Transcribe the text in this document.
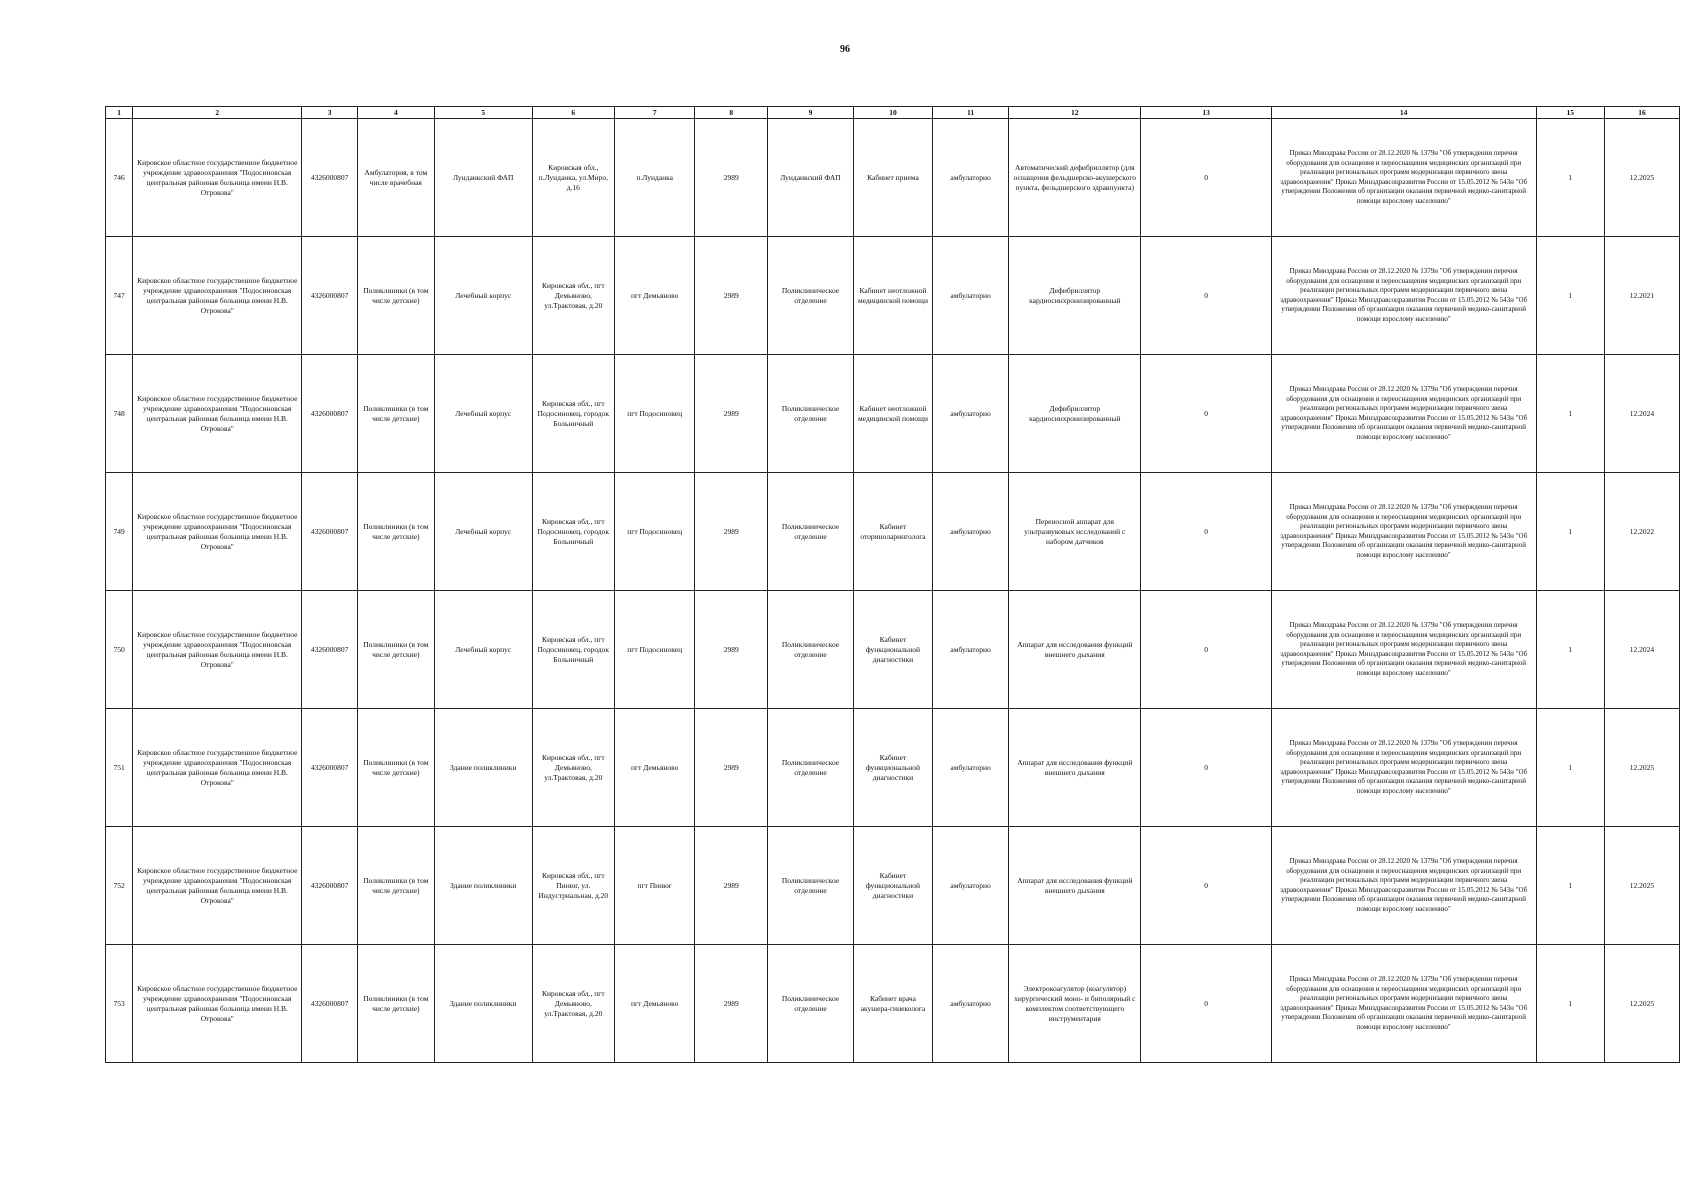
96
1	2	3	4	5	6	7	8	9	10	11	12	13	14	15	16
746	Кировское областное государственное бюджетное учреждение здравоохранения "Подосиновская центральная районная больница имени Н.В. Отрокова"	4326000807	Амбулатория, в том числе врачебная	Лунданкский ФАП	Кировская обл., п.Лунданка, ул.Миро, д.16	п.Лунданка	2989	Лунданкский ФАП	Кабинет приема	амбулаторно	Автоматический дефибриллятор (для оснащения фельдшерско-акушерского пункта, фельдшерского здравпункта)	0	Приказ Минздрава России от 28.12.2020 № 1379н "Об утверждении перечня оборудования для оснащения и переоснащения медицинских организаций при реализации региональных программ модернизации первичного звена здравоохранения" Приказ Минздравсоцразвития России от 15.05.2012 № 543н "Об утверждении Положения об организации оказания первичной медико-санитарной помощи взрослому населению"	1	12.2025
747	Кировское областное государственное бюджетное учреждение здравоохранения "Подосиновская центральная районная больница имени Н.В. Отрокова"	4326000807	Поликлиники (в том числе детские)	Лечебный корпус	Кировская обл., пгт Демьяново, ул.Трактовая, д.20	пгт Демьяново	2989	Поликлиническое отделение	Кабинет неотложной медицинской помощи	амбулаторно	Дефибриллятор кардиосинхронизированный	0	Приказ Минздрава России от 28.12.2020 № 1379н "Об утверждении перечня оборудования для оснащения и переоснащения медицинских организаций при реализации региональных программ модернизации первичного звена здравоохранения" Приказ Минздравсоцразвития России от 15.05.2012 № 543н "Об утверждении Положения об организации оказания первичной медико-санитарной помощи взрослому населению"	1	12.2021
748	Кировское областное государственное бюджетное учреждение здравоохранения "Подосиновская центральная районная больница имени Н.В. Отрокова"	4326000807	Поликлиники (в том числе детские)	Лечебный корпус	Кировская обл., пгт Подосиновец, городок Больничный	пгт Подосиновец	2989	Поликлиническое отделение	Кабинет неотложной медицинской помощи	амбулаторно	Дефибриллятор кардиосинхронизированный	0	Приказ Минздрава России от 28.12.2020 № 1379н "Об утверждении перечня оборудования для оснащения и переоснащения медицинских организаций при реализации региональных программ модернизации первичного звена здравоохранения" Приказ Минздравсоцразвития России от 15.05.2012 № 543н "Об утверждении Положения об организации оказания первичной медико-санитарной помощи взрослому населению"	1	12.2024
749	Кировское областное государственное бюджетное учреждение здравоохранения "Подосиновская центральная районная больница имени Н.В. Отрокова"	4326000807	Поликлиники (в том числе детские)	Лечебный корпус	Кировская обл., пгт Подосиновец, городок Больничный	пгт Подосиновец	2989	Поликлиническое отделение	Кабинет оториноларинголога	амбулаторно	Переносной аппарат для ультразвуковых исследований с набором датчиков	0	Приказ Минздрава России от 28.12.2020 № 1379н "Об утверждении перечня оборудования для оснащения и переоснащения медицинских организаций при реализации региональных программ модернизации первичного звена здравоохранения" Приказ Минздравсоцразвития России от 15.05.2012 № 543н "Об утверждении Положения об организации оказания первичной медико-санитарной помощи взрослому населению"	1	12.2022
750	Кировское областное государственное бюджетное учреждение здравоохранения "Подосиновская центральная районная больница имени Н.В. Отрокова"	4326000807	Поликлиники (в том числе детские)	Лечебный корпус	Кировская обл., пгт Подосиновец, городок Больничный	пгт Подосиновец	2989	Поликлиническое отделение	Кабинет функциональной диагностики	амбулаторно	Аппарат для исследования функций внешнего дыхания	0	Приказ Минздрава России от 28.12.2020 № 1379н "Об утверждении перечня оборудования для оснащения и переоснащения медицинских организаций при реализации региональных программ модернизации первичного звена здравоохранения" Приказ Минздравсоцразвития России от 15.05.2012 № 543н "Об утверждении Положения об организации оказания первичной медико-санитарной помощи взрослому населению"	1	12.2024
751	Кировское областное государственное бюджетное учреждение здравоохранения "Подосиновская центральная районная больница имени Н.В. Отрокова"	4326000807	Поликлиники (в том числе детские)	Здание поликлиники	Кировская обл., пгт Демьяново, ул.Трактовая, д.20	пгт Демьяново	2989	Поликлиническое отделение	Кабинет функциональной диагностики	амбулаторно	Аппарат для исследования функций внешнего дыхания	0	Приказ Минздрава России от 28.12.2020 № 1379н "Об утверждении перечня оборудования для оснащения и переоснащения медицинских организаций при реализации региональных программ модернизации первичного звена здравоохранения" Приказ Минздравсоцразвития России от 15.05.2012 № 543н "Об утверждении Положения об организации оказания первичной медико-санитарной помощи взрослому населению"	1	12.2025
752	Кировское областное государственное бюджетное учреждение здравоохранения "Подосиновская центральная районная больница имени Н.В. Отрокова"	4326000807	Поликлиники (в том числе детские)	Здание поликлиники	Кировская обл., пгт Пинюг, ул. Индустриальная, д.20	пгт Пинюг	2989	Поликлиническое отделение	Кабинет функциональной диагностики	амбулаторно	Аппарат для исследования функций внешнего дыхания	0	Приказ Минздрава России от 28.12.2020 № 1379н "Об утверждении перечня оборудования для оснащения и переоснащения медицинских организаций при реализации региональных программ модернизации первичного звена здравоохранения" Приказ Минздравсоцразвития России от 15.05.2012 № 543н "Об утверждении Положения об организации оказания первичной медико-санитарной помощи взрослому населению"	1	12.2025
753	Кировское областное государственное бюджетное учреждение здравоохранения "Подосиновская центральная районная больница имени Н.В. Отрокова"	4326000807	Поликлиники (в том числе детские)	Здание поликлиники	Кировская обл., пгт Демьяново, ул.Трактовая, д.20	пгт Демьяново	2989	Поликлиническое отделение	Кабинет врача акушера-гинеколога	амбулаторно	Электрокоагулятор (коагулятор) хирургический моно- и биполярный с комплектом соответствующего инструментария	0	Приказ Минздрава России от 28.12.2020 № 1379н "Об утверждении перечня оборудования для оснащения и переоснащения медицинских организаций при реализации региональных программ модернизации первичного звена здравоохранения" Приказ Минздравсоцразвития России от 15.05.2012 № 543н "Об утверждении Положения об организации оказания первичной медико-санитарной помощи взрослому населению"	1	12.2025
